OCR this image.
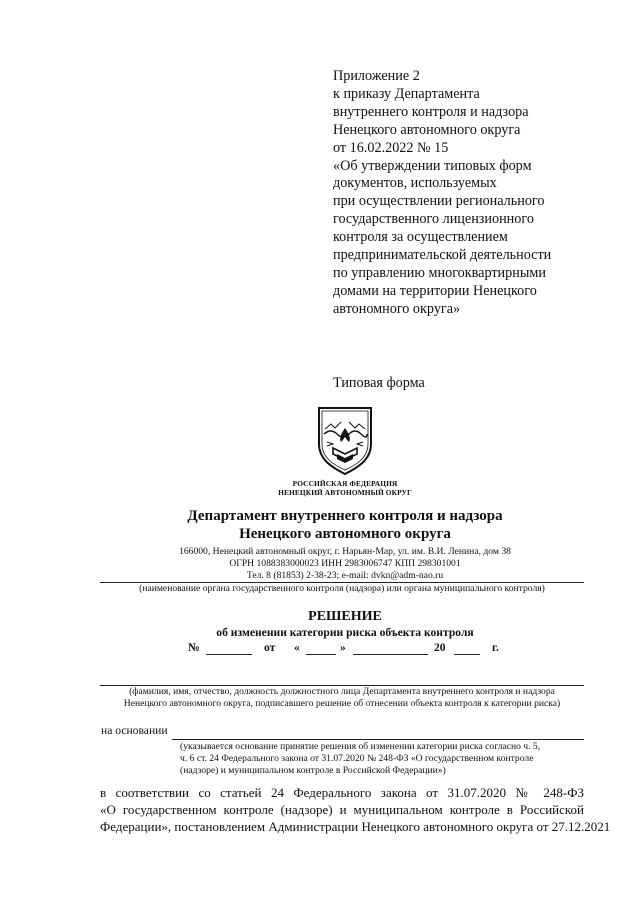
Приложение 2
к приказу Департамента
внутреннего контроля и надзора
Ненецкого автономного округа
от 16.02.2022 № 15
«Об утверждении типовых форм
документов, используемых
при осуществлении регионального
государственного лицензионного
контроля за осуществлением
предпринимательской деятельности
по управлению многоквартирными
домами на территории Ненецкого
автономного округа»
Типовая форма
РОССИЙСКАЯ ФЕДЕРАЦИЯ
НЕНЕЦКИЙ АВТОНОМНЫЙ ОКРУГ
Департамент внутреннего контроля и надзора
Ненецкого автономного округа
166000, Ненецкий автономный округ, г. Нарьян-Мар, ул. им. В.И. Ленина, дом 38
ОГРН 1088383000023 ИНН 2983006747 КПП 298301001
Тел. 8 (81853) 2-38-23; e-mail: dvkn@adm-nao.ru
(наименование органа государственного контроля (надзора) или органа муниципального контроля)
РЕШЕНИЕ
об изменении категории риска объекта контроля
№	от «	»	20	г.
(фамилия, имя, отчество, должность должностного лица Департамента внутреннего контроля и надзора
Ненецкого автономного округа, подписавшего решение об отнесении объекта контроля к категории риска)
на основании
(указывается основание принятие решения об изменении категории риска согласно ч. 5,
ч. 6 ст. 24 Федерального закона от 31.07.2020 № 248-ФЗ «О государственном контроле
(надзоре) и муниципальном контроле в Российской Федерации»)
в соответствии со статьей 24 Федерального закона от 31.07.2020 № 248-ФЗ
«О государственном контроле (надзоре) и муниципальном контроле в Российской
Федерации», постановлением Администрации Ненецкого автономного округа от 27.12.2021
